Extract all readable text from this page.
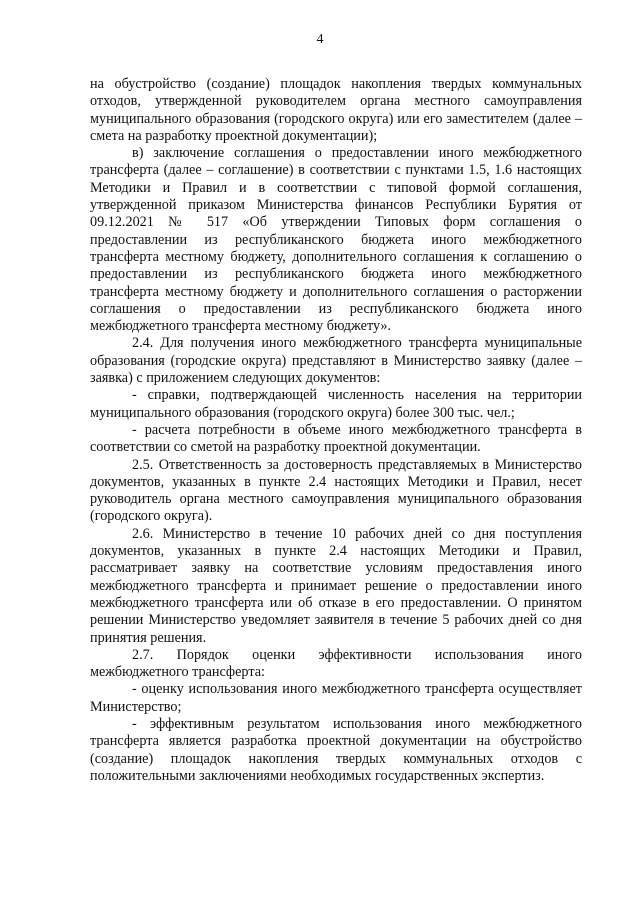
4

на обустройство (создание) площадок накопления твердых коммунальных отходов, утвержденной руководителем органа местного самоуправления муниципального образования (городского округа) или его заместителем (далее – смета на разработку проектной документации);

в) заключение соглашения о предоставлении иного межбюджетного трансферта (далее – соглашение) в соответствии с пунктами 1.5, 1.6 настоящих Методики и Правил и в соответствии с типовой формой соглашения, утвержденной приказом Министерства финансов Республики Бурятия от 09.12.2021 № 517 «Об утверждении Типовых форм соглашения о предоставлении из республиканского бюджета иного межбюджетного трансферта местному бюджету, дополнительного соглашения к соглашению о предоставлении из республиканского бюджета иного межбюджетного трансферта местному бюджету и дополнительного соглашения о расторжении соглашения о предоставлении из республиканского бюджета иного межбюджетного трансферта местному бюджету».

2.4. Для получения иного межбюджетного трансферта муниципальные образования (городские округа) представляют в Министерство заявку (далее – заявка) с приложением следующих документов:

- справки, подтверждающей численность населения на территории муниципального образования (городского округа) более 300 тыс. чел.;

- расчета потребности в объеме иного межбюджетного трансферта в соответствии со сметой на разработку проектной документации.

2.5. Ответственность за достоверность представляемых в Министерство документов, указанных в пункте 2.4 настоящих Методики и Правил, несет руководитель органа местного самоуправления муниципального образования (городского округа).

2.6. Министерство в течение 10 рабочих дней со дня поступления документов, указанных в пункте 2.4 настоящих Методики и Правил, рассматривает заявку на соответствие условиям предоставления иного межбюджетного трансферта и принимает решение о предоставлении иного межбюджетного трансферта или об отказе в его предоставлении. О принятом решении Министерство уведомляет заявителя в течение 5 рабочих дней со дня принятия решения.

2.7. Порядок оценки эффективности использования иного межбюджетного трансферта:

- оценку использования иного межбюджетного трансферта осуществляет Министерство;

- эффективным результатом использования иного межбюджетного трансферта является разработка проектной документации на обустройство (создание) площадок накопления твердых коммунальных отходов с положительными заключениями необходимых государственных экспертиз.
